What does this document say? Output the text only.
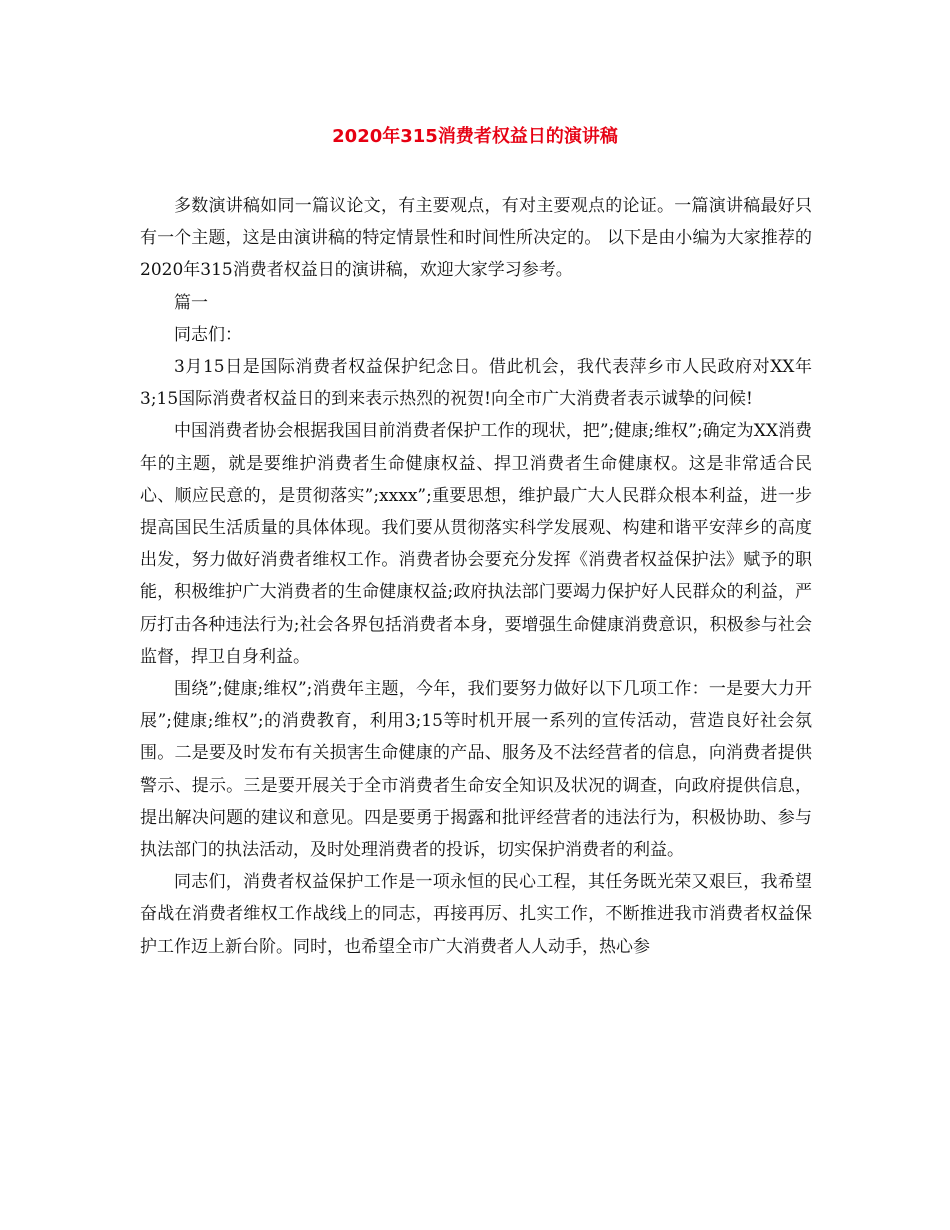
2020年315消费者权益日的演讲稿

多数演讲稿如同一篇议论文，有主要观点，有对主要观点的论证。一篇演讲稿最好只有一个主题，这是由演讲稿的特定情景性和时间性所决定的。 以下是由小编为大家推荐的2020年315消费者权益日的演讲稿，欢迎大家学习参考。

篇一

同志们：

3月15日是国际消费者权益保护纪念日。借此机会，我代表萍乡市人民政府对XX年3;15国际消费者权益日的到来表示热烈的祝贺!向全市广大消费者表示诚挚的问候!

中国消费者协会根据我国目前消费者保护工作的现状，把”;健康;维权”;确定为XX消费年的主题，就是要维护消费者生命健康权益、捍卫消费者生命健康权。这是非常适合民心、顺应民意的，是贯彻落实”;xxxx”;重要思想，维护最广大人民群众根本利益，进一步提高国民生活质量的具体体现。我们要从贯彻落实科学发展观、构建和谐平安萍乡的高度出发，努力做好消费者维权工作。消费者协会要充分发挥《消费者权益保护法》赋予的职能，积极维护广大消费者的生命健康权益;政府执法部门要竭力保护好人民群众的利益，严厉打击各种违法行为;社会各界包括消费者本身，要增强生命健康消费意识，积极参与社会监督，捍卫自身利益。

围绕”;健康;维权”;消费年主题，今年，我们要努力做好以下几项工作：一是要大力开展”;健康;维权”;的消费教育，利用3;15等时机开展一系列的宣传活动，营造良好社会氛围。二是要及时发布有关损害生命健康的产品、服务及不法经营者的信息，向消费者提供警示、提示。三是要开展关于全市消费者生命安全知识及状况的调查，向政府提供信息，提出解决问题的建议和意见。四是要勇于揭露和批评经营者的违法行为，积极协助、参与执法部门的执法活动，及时处理消费者的投诉，切实保护消费者的利益。

同志们，消费者权益保护工作是一项永恒的民心工程，其任务既光荣又艰巨，我希望奋战在消费者维权工作战线上的同志，再接再厉、扎实工作，不断推进我市消费者权益保护工作迈上新台阶。同时，也希望全市广大消费者人人动手，热心参
